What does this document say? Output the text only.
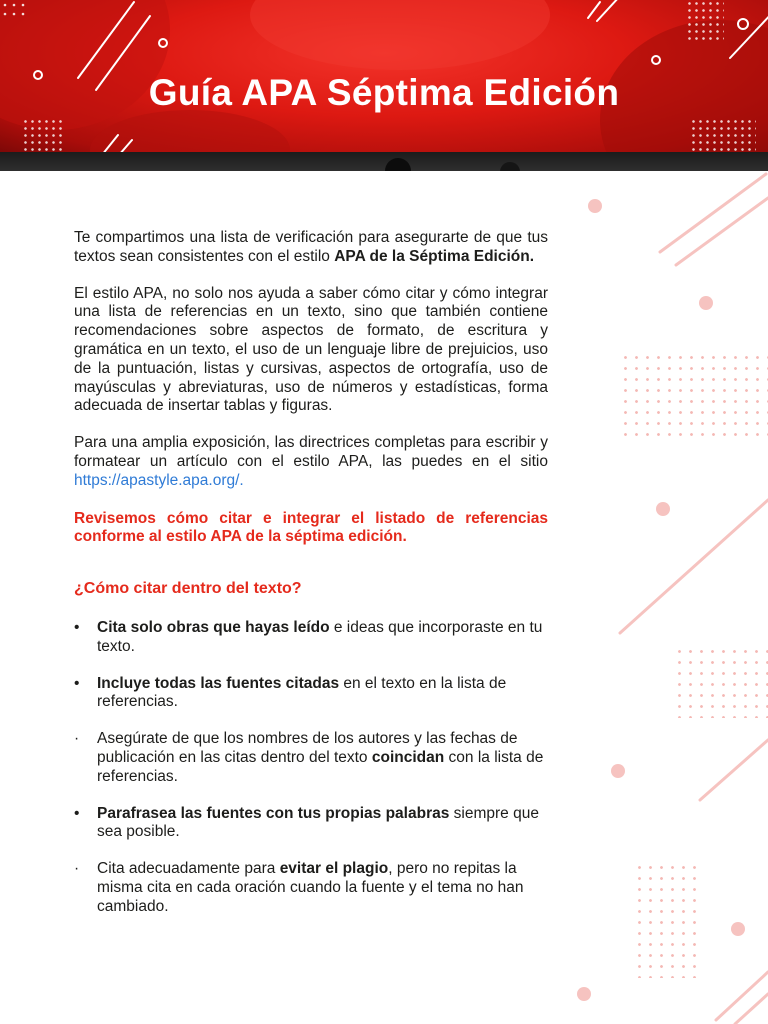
Guía APA Séptima Edición

Te compartimos una lista de verificación para asegurarte de que tus textos sean consistentes con el estilo APA de la Séptima Edición.

El estilo APA, no solo nos ayuda a saber cómo citar y cómo integrar una lista de referencias en un texto, sino que también contiene recomendaciones sobre aspectos de formato, de escritura y gramática en un texto, el uso de un lenguaje libre de prejuicios, uso de la puntuación, listas y cursivas, aspectos de ortografía, uso de mayúsculas y abreviaturas, uso de números y estadísticas, forma adecuada de insertar tablas y figuras.

Para una amplia exposición, las directrices completas para escribir y formatear un artículo con el estilo APA, las puedes en el sitio https://apastyle.apa.org/.

Revisemos cómo citar e integrar el listado de referencias conforme al estilo APA de la séptima edición.

¿Cómo citar dentro del texto?

•	Cita solo obras que hayas leído e ideas que incorporaste en tu texto.
•	Incluye todas las fuentes citadas en el texto en la lista de referencias.
·	Asegúrate de que los nombres de los autores y las fechas de publicación en las citas dentro del texto coincidan con la lista de referencias.
•	Parafrasea las fuentes con tus propias palabras siempre que sea posible.
·	Cita adecuadamente para evitar el plagio, pero no repitas la misma cita en cada oración cuando la fuente y el tema no han cambiado.
